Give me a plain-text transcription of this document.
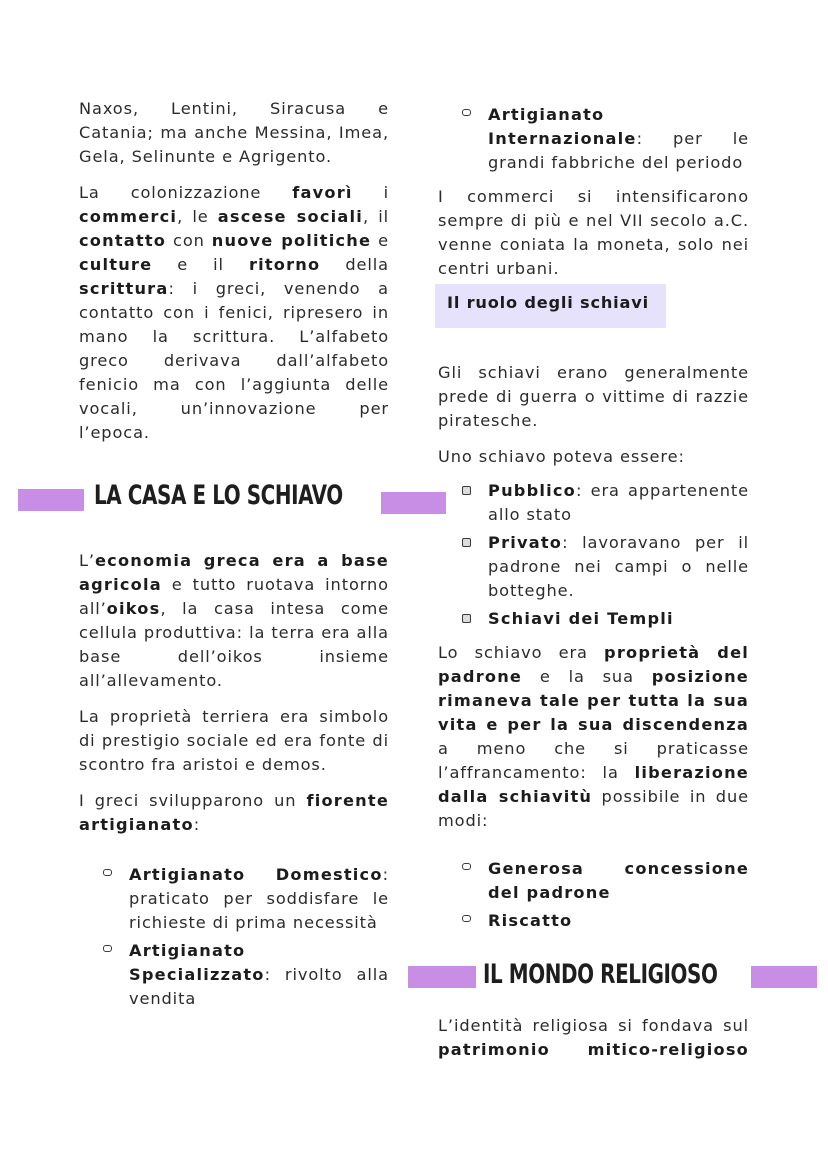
Naxos, Lentini, Siracusa e Catania; ma anche Messina, Imea, Gela, Selinunte e Agrigento.

La colonizzazione favorì i commerci, le ascese sociali, il contatto con nuove politiche e culture e il ritorno della scrittura: i greci, venendo a contatto con i fenici, ripresero in mano la scrittura. L’alfabeto greco derivava dall’alfabeto fenicio ma con l’aggiunta delle vocali, un’innovazione per l’epoca.

LA CASA E LO SCHIAVO

L’economia greca era a base agricola e tutto ruotava intorno all’oikos, la casa intesa come cellula produttiva: la terra era alla base dell’oikos insieme all’allevamento.

La proprietà terriera era simbolo di prestigio sociale ed era fonte di scontro fra aristoi e demos.

I greci svilupparono un fiorente artigianato:

Artigianato Domestico: praticato per soddisfare le richieste di prima necessità
Artigianato Specializzato: rivolto alla vendita
Artigianato Internazionale: per le grandi fabbriche del periodo

I commerci si intensificarono sempre di più e nel VII secolo a.C. venne coniata la moneta, solo nei centri urbani.

Il ruolo degli schiavi

Gli schiavi erano generalmente prede di guerra o vittime di razzie piratesche.

Uno schiavo poteva essere:

Pubblico: era appartenente allo stato
Privato: lavoravano per il padrone nei campi o nelle botteghe.
Schiavi dei Templi

Lo schiavo era proprietà del padrone e la sua posizione rimaneva tale per tutta la sua vita e per la sua discendenza a meno che si praticasse l’affrancamento: la liberazione dalla schiavitù possibile in due modi:

Generosa concessione del padrone
Riscatto
IL MONDO RELIGIOSO

L’identità religiosa si fondava sul patrimonio mitico-religioso
